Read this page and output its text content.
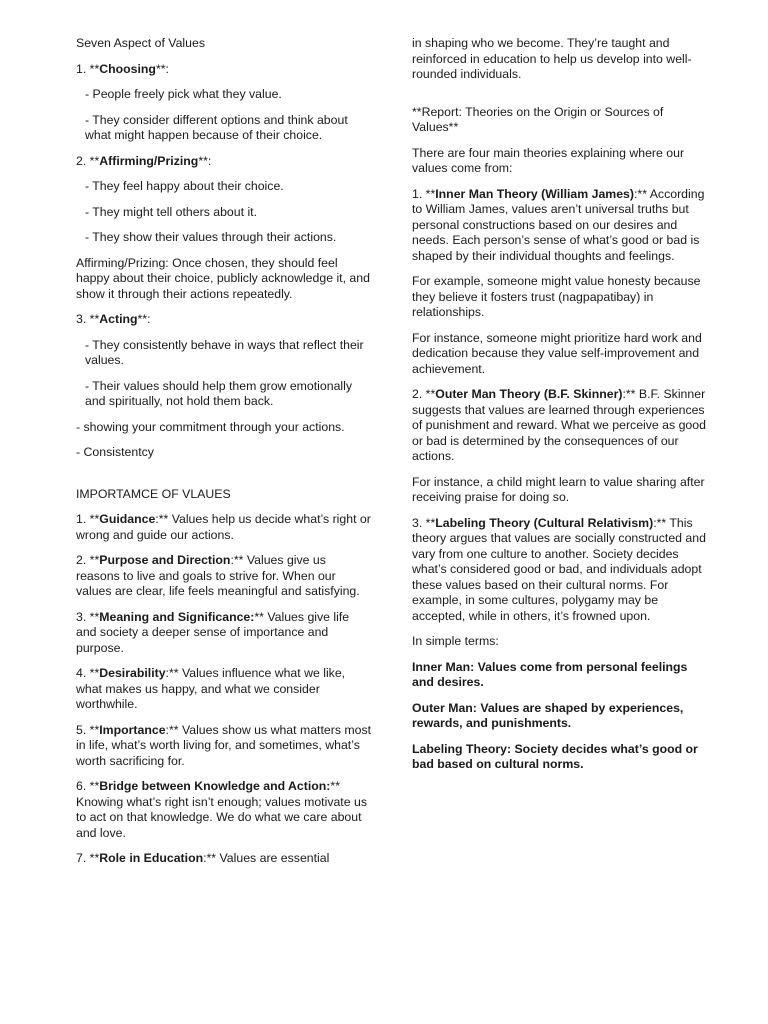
Seven Aspect of Values

1. **Choosing**:

- People freely pick what they value.

- They consider different options and think about what might happen because of their choice.

2. **Affirming/Prizing**:

- They feel happy about their choice.

- They might tell others about it.

- They show their values through their actions.

Affirming/Prizing: Once chosen, they should feel happy about their choice, publicly acknowledge it, and show it through their actions repeatedly.

3. **Acting**:

- They consistently behave in ways that reflect their values.

- Their values should help them grow emotionally and spiritually, not hold them back.

- showing your commitment through your actions.

- Consistentcy

IMPORTAMCE OF VLAUES

1. **Guidance:** Values help us decide what’s right or wrong and guide our actions.

2. **Purpose and Direction:** Values give us reasons to live and goals to strive for. When our values are clear, life feels meaningful and satisfying.

3. **Meaning and Significance:** Values give life and society a deeper sense of importance and purpose.

4. **Desirability:** Values influence what we like, what makes us happy, and what we consider worthwhile.

5. **Importance:** Values show us what matters most in life, what’s worth living for, and sometimes, what’s worth sacrificing for.

6. **Bridge between Knowledge and Action:** Knowing what’s right isn’t enough; values motivate us to act on that knowledge. We do what we care about and love.

7. **Role in Education:** Values are essential

in shaping who we become. They’re taught and reinforced in education to help us develop into well-rounded individuals.

**Report: Theories on the Origin or Sources of Values**

There are four main theories explaining where our values come from:

1. **Inner Man Theory (William James):** According to William James, values aren’t universal truths but personal constructions based on our desires and needs. Each person’s sense of what’s good or bad is shaped by their individual thoughts and feelings.

For example, someone might value honesty because they believe it fosters trust (nagpapatibay) in relationships.

For instance, someone might prioritize hard work and dedication because they value self-improvement and achievement.

2. **Outer Man Theory (B.F. Skinner):** B.F. Skinner suggests that values are learned through experiences of punishment and reward. What we perceive as good or bad is determined by the consequences of our actions.

For instance, a child might learn to value sharing after receiving praise for doing so.

3. **Labeling Theory (Cultural Relativism):** This theory argues that values are socially constructed and vary from one culture to another. Society decides what’s considered good or bad, and individuals adopt these values based on their cultural norms. For example, in some cultures, polygamy may be accepted, while in others, it’s frowned upon.

In simple terms:

Inner Man: Values come from personal feelings and desires.

Outer Man: Values are shaped by experiences, rewards, and punishments.

Labeling Theory: Society decides what’s good or bad based on cultural norms.
